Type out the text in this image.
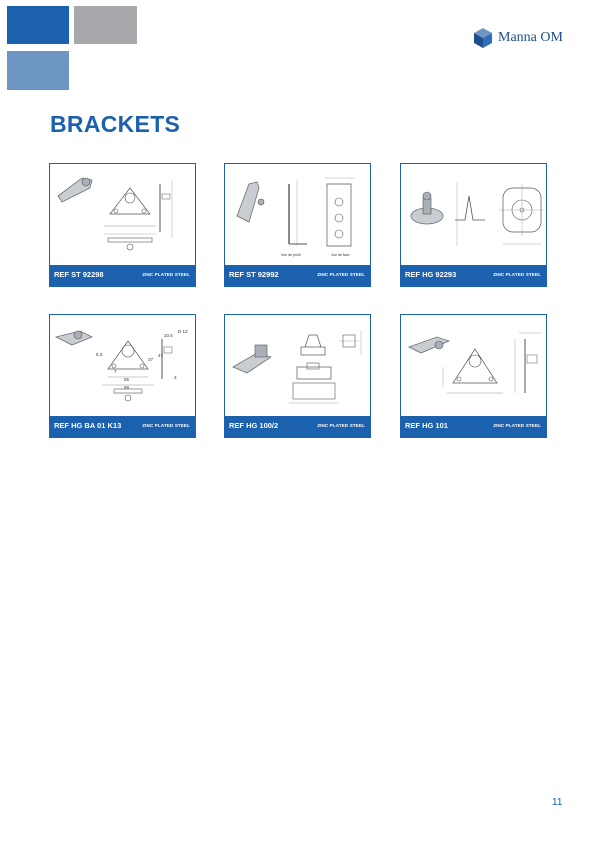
Manna OM
BRACKETS
REF ST 92298	ZINC PLATED STEEL
Vue de profil	Vue de face
REF ST 92992	ZINC PLATED STEEL	REF HG 92293	ZINC PLATED STEEL
5.3
10.5
D 13
37
47
7
55
69
3
REF HG BA 01 K13	ZINC PLATED STEEL	REF HG 100/2	ZINC PLATED STEEL	REF HG 101	ZINC PLATED STEEL
11
